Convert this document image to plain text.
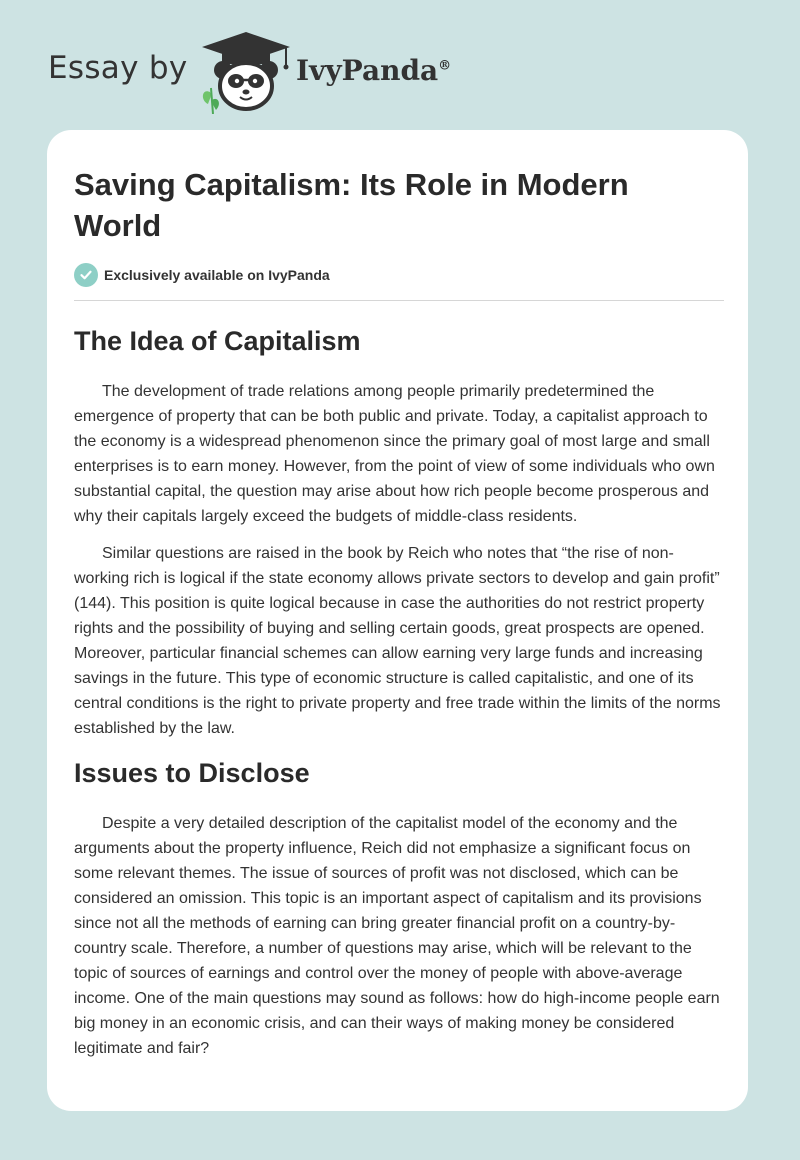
Essay by	IvyPanda®
Saving Capitalism: Its Role in Modern World
Exclusively available on IvyPanda
The Idea of Capitalism

The development of trade relations among people primarily predetermined the emergence of property that can be both public and private. Today, a capitalist approach to the economy is a widespread phenomenon since the primary goal of most large and small enterprises is to earn money. However, from the point of view of some individuals who own substantial capital, the question may arise about how rich people become prosperous and why their capitals largely exceed the budgets of middle-class residents.

Similar questions are raised in the book by Reich who notes that “the rise of non-working rich is logical if the state economy allows private sectors to develop and gain profit” (144). This position is quite logical because in case the authorities do not restrict property rights and the possibility of buying and selling certain goods, great prospects are opened. Moreover, particular financial schemes can allow earning very large funds and increasing savings in the future. This type of economic structure is called capitalistic, and one of its central conditions is the right to private property and free trade within the limits of the norms established by the law.

Issues to Disclose

Despite a very detailed description of the capitalist model of the economy and the arguments about the property influence, Reich did not emphasize a significant focus on some relevant themes. The issue of sources of profit was not disclosed, which can be considered an omission. This topic is an important aspect of capitalism and its provisions since not all the methods of earning can bring greater financial profit on a country-by-country scale. Therefore, a number of questions may arise, which will be relevant to the topic of sources of earnings and control over the money of people with above-average income. One of the main questions may sound as follows: how do high-income people earn big money in an economic crisis, and can their ways of making money be considered legitimate and fair?
